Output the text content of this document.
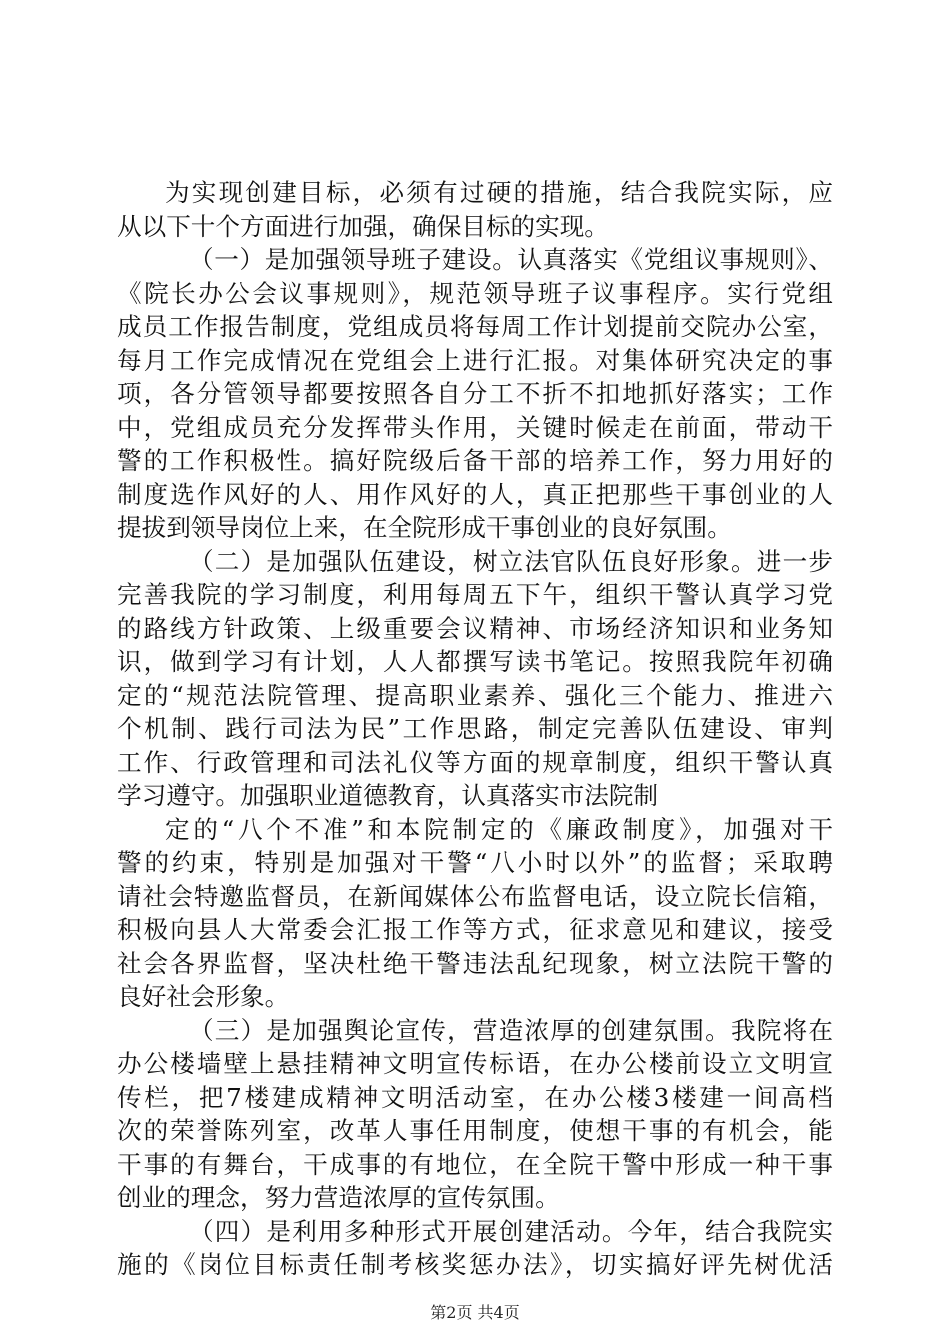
为实现创建目标，必须有过硬的措施，结合我院实际，应
从以下十个方面进行加强，确保目标的实现。
（一）是加强领导班子建设。认真落实《党组议事规则》、
《院长办公会议事规则》，规范领导班子议事程序。实行党组
成员工作报告制度，党组成员将每周工作计划提前交院办公室，
每月工作完成情况在党组会上进行汇报。对集体研究决定的事
项，各分管领导都要按照各自分工不折不扣地抓好落实；工作
中，党组成员充分发挥带头作用，关键时候走在前面，带动干
警的工作积极性。搞好院级后备干部的培养工作，努力用好的
制度选作风好的人、用作风好的人，真正把那些干事创业的人
提拔到领导岗位上来，在全院形成干事创业的良好氛围。
（二）是加强队伍建设，树立法官队伍良好形象。进一步
完善我院的学习制度，利用每周五下午，组织干警认真学习党
的路线方针政策、上级重要会议精神、市场经济知识和业务知
识，做到学习有计划，人人都撰写读书笔记。按照我院年初确
定的“规范法院管理、提高职业素养、强化三个能力、推进六
个机制、践行司法为民”工作思路，制定完善队伍建设、审判
工作、行政管理和司法礼仪等方面的规章制度，组织干警认真
学习遵守。加强职业道德教育，认真落实市法院制
定的“八个不准”和本院制定的《廉政制度》，加强对干
警的约束，特别是加强对干警“八小时以外”的监督；采取聘
请社会特邀监督员，在新闻媒体公布监督电话，设立院长信箱，
积极向县人大常委会汇报工作等方式，征求意见和建议，接受
社会各界监督，坚决杜绝干警违法乱纪现象，树立法院干警的
良好社会形象。
（三）是加强舆论宣传，营造浓厚的创建氛围。我院将在
办公楼墙壁上悬挂精神文明宣传标语，在办公楼前设立文明宣
传栏，把7楼建成精神文明活动室，在办公楼3楼建一间高档
次的荣誉陈列室，改革人事任用制度，使想干事的有机会，能
干事的有舞台，干成事的有地位，在全院干警中形成一种干事
创业的理念，努力营造浓厚的宣传氛围。
（四）是利用多种形式开展创建活动。今年，结合我院实
施的《岗位目标责任制考核奖惩办法》，切实搞好评先树优活
第2页 共4页
